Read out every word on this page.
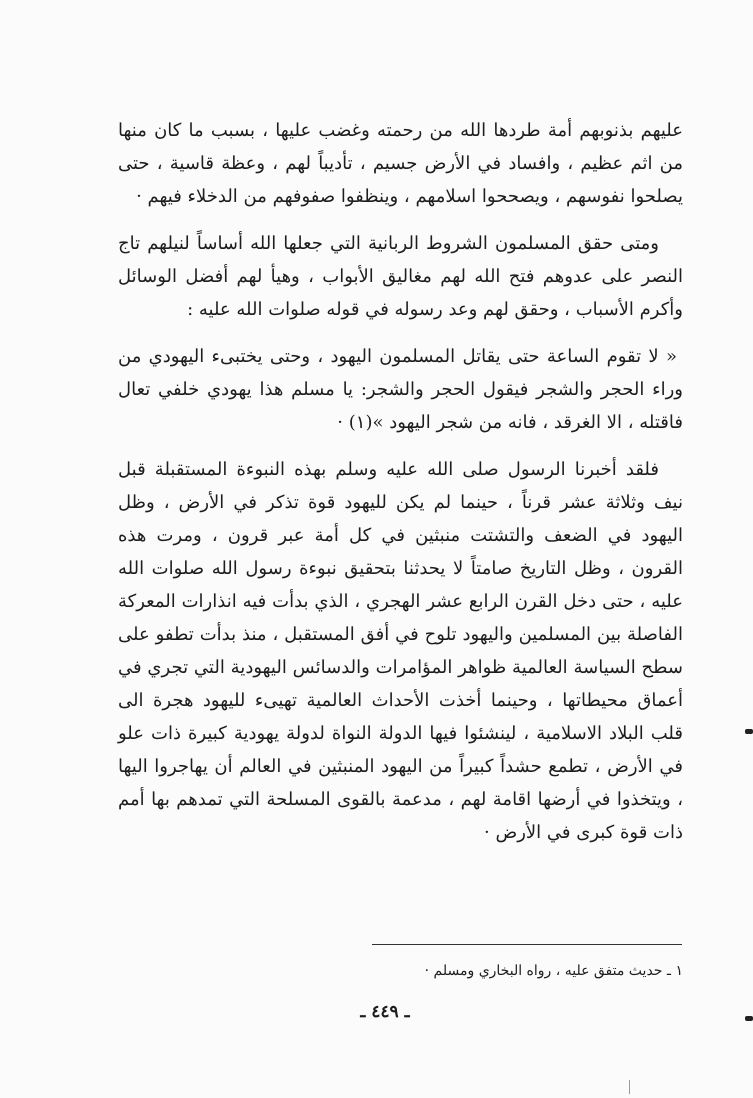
عليهم بذنوبهم أمة طردها الله من رحمته وغضب عليها ، بسبب ما كان منها من اثم عظيم ، وافساد في الأرض جسيم ، تأديباً لهم ، وعظة قاسية ، حتى يصلحوا نفوسهم ، ويصححوا اسلامهم ، وينظفوا صفوفهم من الدخلاء فيهم ·

ومتى حقق المسلمون الشروط الربانية التي جعلها الله أساساً لنيلهم تاج النصر على عدوهم فتح الله لهم مغاليق الأبواب ، وهيأ لهم أفضل الوسائل وأكرم الأسباب ، وحقق لهم وعد رسوله في قوله صلوات الله عليه :

« لا تقوم الساعة حتى يقاتل المسلمون اليهود ، وحتى يختبىء اليهودي من وراء الحجر والشجر فيقول الحجر والشجر: يا مسلم هذا يهودي خلفي تعال فاقتله ، الا الغرقد ، فانه من شجر اليهود »(١) ·

فلقد أخبرنا الرسول صلى الله عليه وسلم بهذه النبوءة المستقبلة قبل نيف وثلاثة عشر قرناً ، حينما لم يكن لليهود قوة تذكر في الأرض ، وظل اليهود في الضعف والتشتت منبثين في كل أمة عبر قرون ، ومرت هذه القرون ، وظل التاريخ صامتاً لا يحدثنا بتحقيق نبوءة رسول الله صلوات الله عليه ، حتى دخل القرن الرابع عشر الهجري ، الذي بدأت فيه انذارات المعركة الفاصلة بين المسلمين واليهود تلوح في أفق المستقبل ، منذ بدأت تطفو على سطح السياسة العالمية ظواهر المؤامرات والدسائس اليهودية التي تجري في أعماق محيطاتها ، وحينما أخذت الأحداث العالمية تهيىء لليهود هجرة الى قلب البلاد الاسلامية ، لينشئوا فيها الدولة النواة لدولة يهودية كبيرة ذات علو في الأرض ، تطمع حشداً كبيراً من اليهود المنبثين في العالم أن يهاجروا اليها ، ويتخذوا في أرضها اقامة لهم ، مدعمة بالقوى المسلحة التي تمدهم بها أمم ذات قوة كبرى في الأرض ·

١ ـ حديث متفق عليه ، رواه البخاري ومسلم ·
ـ ٤٤٩ ـ
